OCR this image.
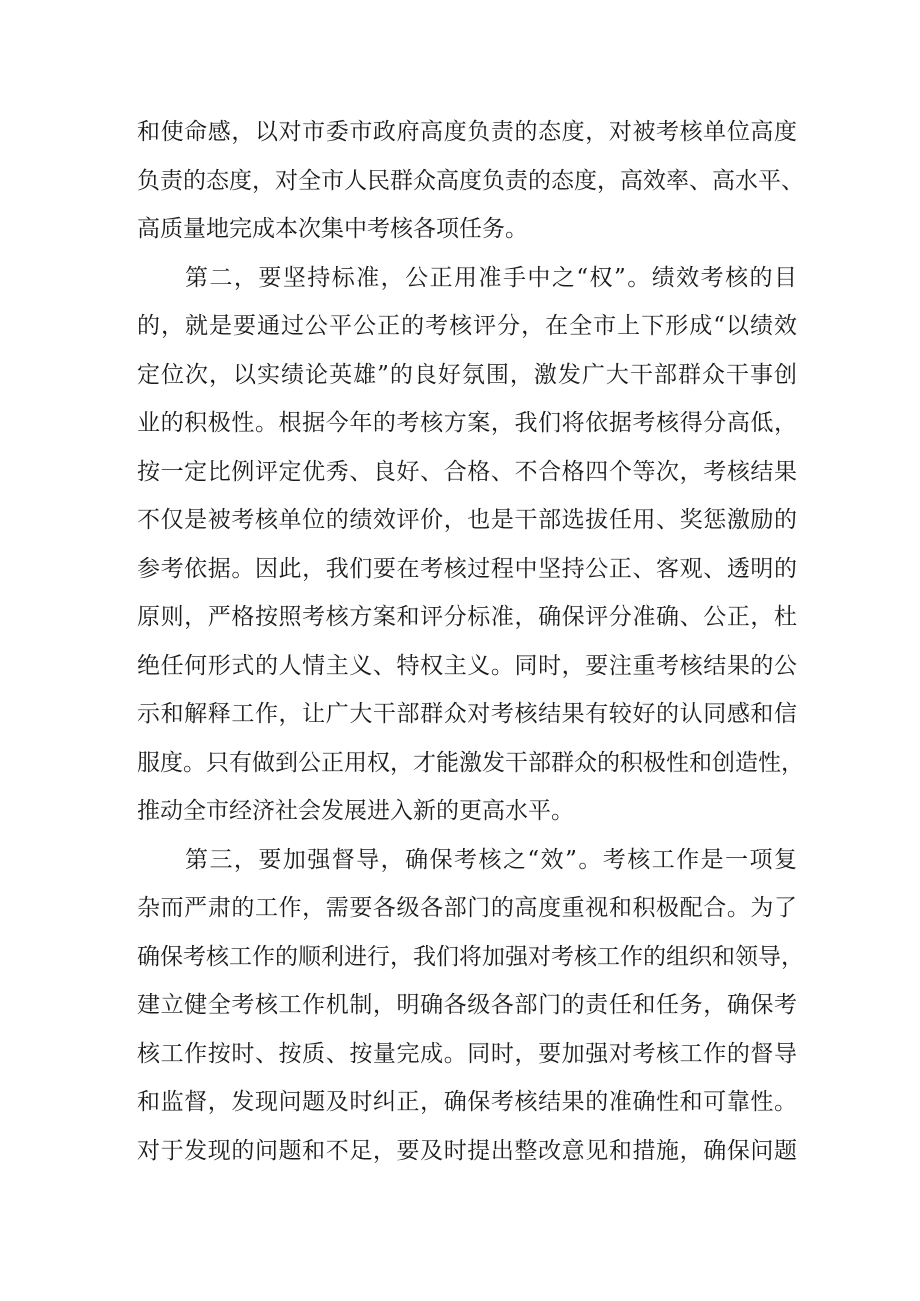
和使命感，以对市委市政府高度负责的态度，对被考核单位高度
负责的态度，对全市人民群众高度负责的态度，高效率、高水平、
高质量地完成本次集中考核各项任务。
第二，要坚持标准，公正用准手中之“权”。绩效考核的目
的，就是要通过公平公正的考核评分，在全市上下形成“以绩效
定位次，以实绩论英雄”的良好氛围，激发广大干部群众干事创
业的积极性。根据今年的考核方案，我们将依据考核得分高低，
按一定比例评定优秀、良好、合格、不合格四个等次，考核结果
不仅是被考核单位的绩效评价，也是干部选拔任用、奖惩激励的
参考依据。因此，我们要在考核过程中坚持公正、客观、透明的
原则，严格按照考核方案和评分标准，确保评分准确、公正，杜
绝任何形式的人情主义、特权主义。同时，要注重考核结果的公
示和解释工作，让广大干部群众对考核结果有较好的认同感和信
服度。只有做到公正用权，才能激发干部群众的积极性和创造性，
推动全市经济社会发展进入新的更高水平。
第三，要加强督导，确保考核之“效”。考核工作是一项复
杂而严肃的工作，需要各级各部门的高度重视和积极配合。为了
确保考核工作的顺利进行，我们将加强对考核工作的组织和领导，
建立健全考核工作机制，明确各级各部门的责任和任务，确保考
核工作按时、按质、按量完成。同时，要加强对考核工作的督导
和监督，发现问题及时纠正，确保考核结果的准确性和可靠性。
对于发现的问题和不足，要及时提出整改意见和措施，确保问题
